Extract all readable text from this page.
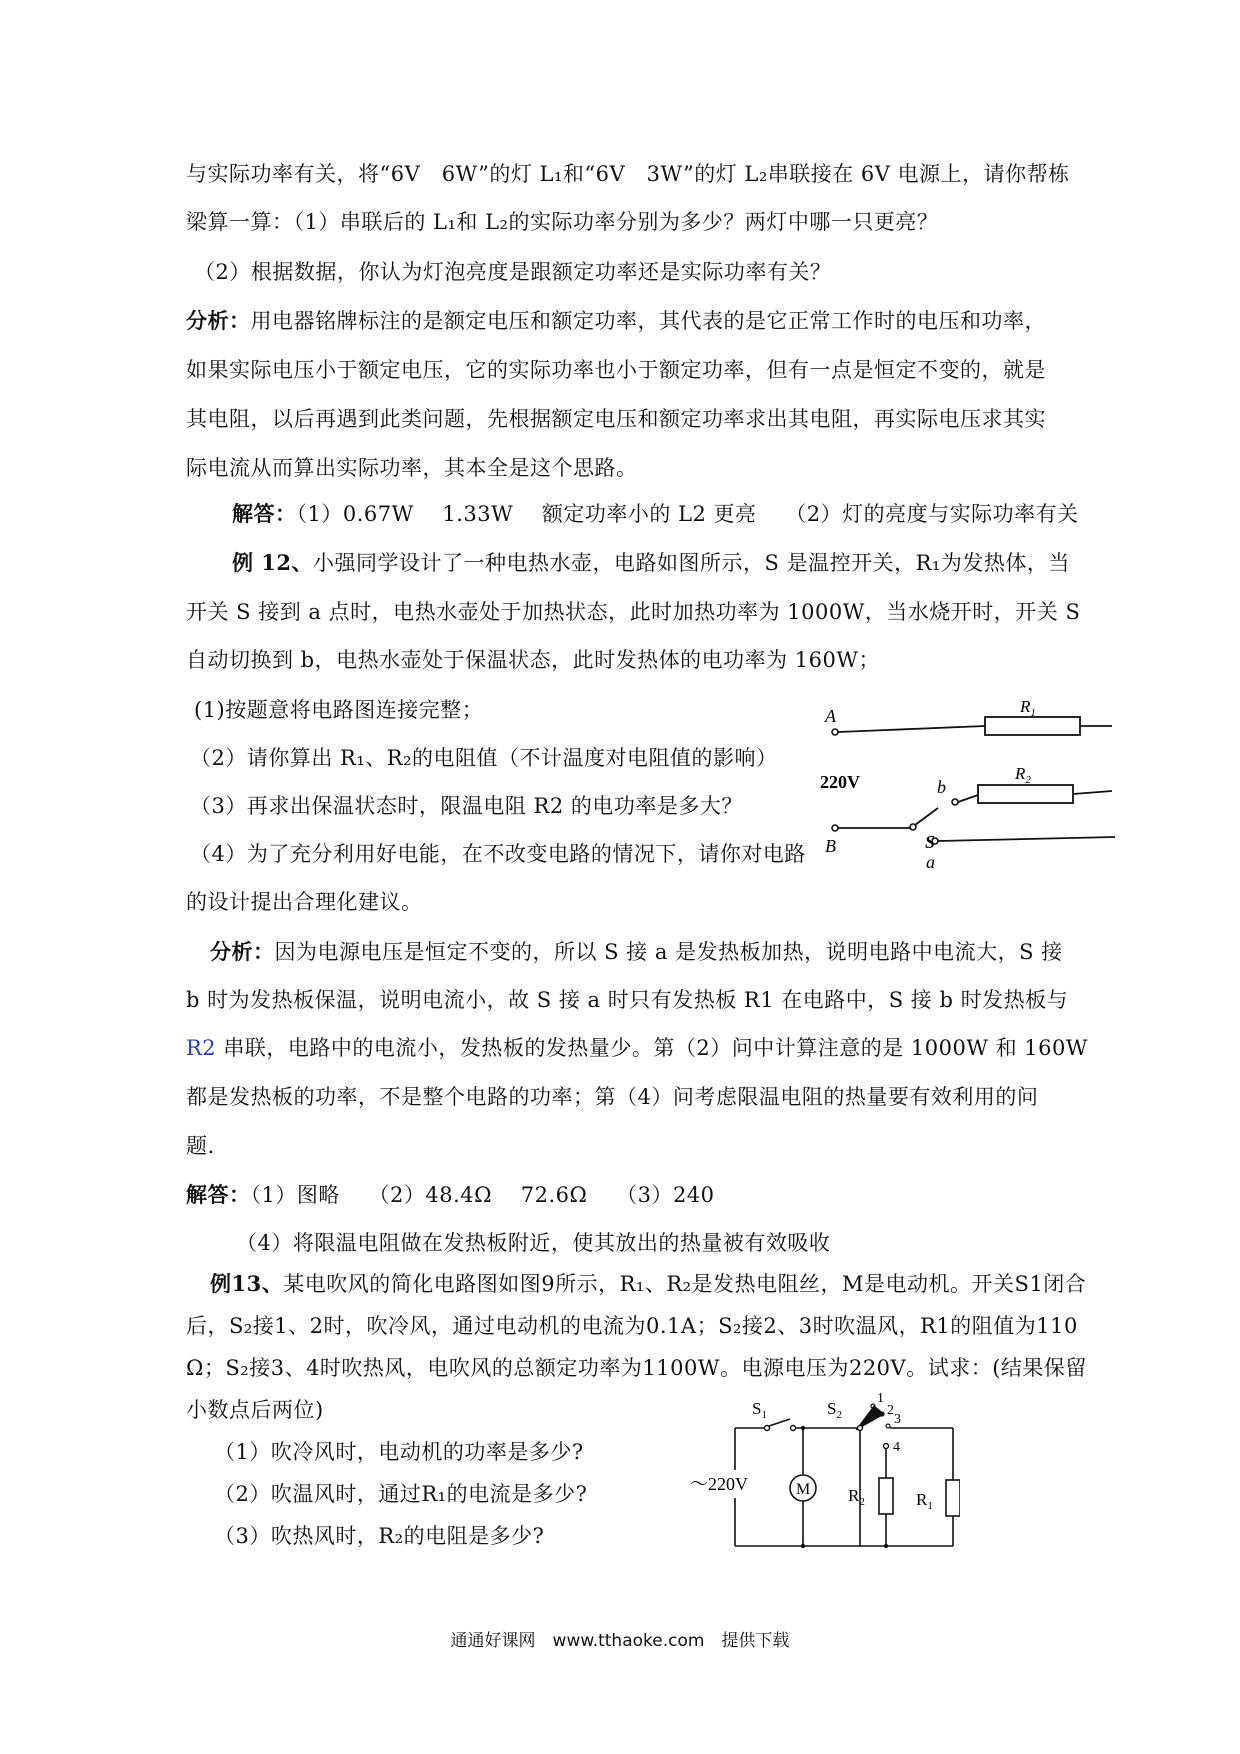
与实际功率有关，将“6V　6W”的灯 L₁和“6V　3W”的灯 L₂串联接在 6V 电源上，请你帮栋
梁算一算：（1）串联后的 L₁和 L₂的实际功率分别为多少？两灯中哪一只更亮？
（2）根据数据，你认为灯泡亮度是跟额定功率还是实际功率有关？
分析：用电器铭牌标注的是额定电压和额定功率，其代表的是它正常工作时的电压和功率，
如果实际电压小于额定电压，它的实际功率也小于额定功率，但有一点是恒定不变的，就是
其电阻，以后再遇到此类问题，先根据额定电压和额定功率求出其电阻，再实际电压求其实
际电流从而算出实际功率，其本全是这个思路。
解答：（1）0.67W　 1.33W　 额定功率小的 L2 更亮　 （2）灯的亮度与实际功率有关
例 12、小强同学设计了一种电热水壶，电路如图所示，S 是温控开关，R₁为发热体，当
开关 S 接到 a 点时，电热水壶处于加热状态，此时加热功率为 1000W，当水烧开时，开关 S
自动切换到 b，电热水壶处于保温状态，此时发热体的电功率为 160W；
(1)按题意将电路图连接完整；
（2）请你算出 R₁、R₂的电阻值（不计温度对电阻值的影响）
（3）再求出保温状态时，限温电阻 R2 的电功率是多大？
（4）为了充分利用好电能，在不改变电路的情况下，请你对电路
的设计提出合理化建议。
A	$R_1$
220V	b
$R_2$
B	S
a
分析：因为电源电压是恒定不变的，所以 S 接 a 是发热板加热，说明电路中电流大，S 接
b 时为发热板保温，说明电流小，故 S 接 a 时只有发热板 R1 在电路中，S 接 b 时发热板与
R2 串联，电路中的电流小，发热板的发热量少。第（2）问中计算注意的是 1000W 和 160W
都是发热板的功率，不是整个电路的功率；第（4）问考虑限温电阻的热量要有效利用的问
题.
解答：（1）图略　 （2）48.4Ω　 72.6Ω　 （3）240
（4）将限温电阻做在发热板附近，使其放出的热量被有效吸收
例13、某电吹风的简化电路图如图9所示，R₁、R₂是发热电阻丝，M是电动机。开关S1闭合
后，S₂接1、2时，吹冷风，通过电动机的电流为0.1A；S₂接2、3时吹温风，R1的阻值为110
Ω；S₂接3、4时吹热风，电吹风的总额定功率为1100W。电源电压为220V。试求：(结果保留
小数点后两位)
（1）吹冷风时，电动机的功率是多少?
（2）吹温风时，通过R₁的电流是多少?
（3）吹热风时，R₂的电阻是多少?
$S_1$
M
～220V
$S_2$
1
2
3
4
$R_2$	$R_1$
通通好课网　www.tthaoke.com　提供下载
